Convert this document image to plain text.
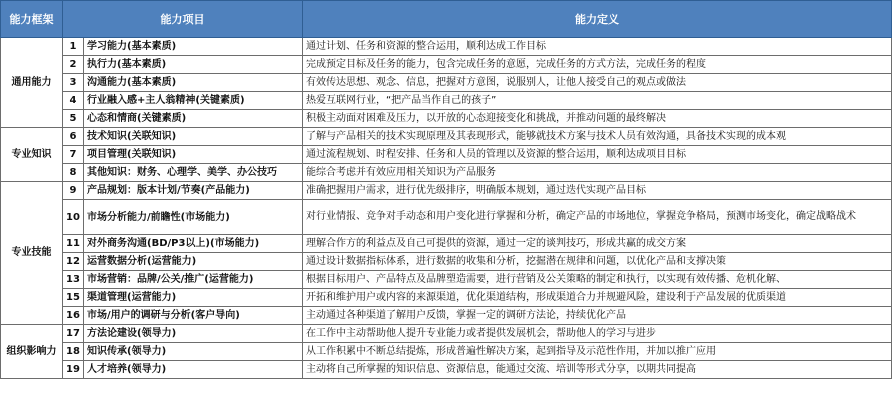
能力框架	能力项目		能力定义
通用能力	1	学习能力(基本素质)	通过计划、任务和资源的整合运用，顺利达成工作目标
	2	执行力(基本素质)	完成预定目标及任务的能力，包含完成任务的意愿，完成任务的方式方法，完成任务的程度
	3	沟通能力(基本素质)	有效传达思想、观念、信息，把握对方意图，说服别人，让他人接受自己的观点或做法
	4	行业融入感+主人翁精神(关键素质)	热爱互联网行业，“把产品当作自己的孩子”
	5	心态和情商(关键素质)	积极主动面对困难及压力，以开放的心态迎接变化和挑战，并推动问题的最终解决
专业知识	6	技术知识(关联知识)	了解与产品相关的技术实现原理及其表现形式，能够就技术方案与技术人员有效沟通，具备技术实现的成本观
	7	项目管理(关联知识)	通过流程规划、时程安排、任务和人员的管理以及资源的整合运用，顺利达成项目目标
	8	其他知识：财务、心理学、美学、办公技巧	能综合考虑并有效应用相关知识为产品服务
专业技能	9	产品规划：版本计划/节奏(产品能力)	准确把握用户需求，进行优先级排序，明确版本规划，通过迭代实现产品目标
	10	市场分析能力/前瞻性(市场能力)	对行业情报、竞争对手动态和用户变化进行掌握和分析，确定产品的市场地位，掌握竞争格局，预测市场变化，确定战略战术
	11	对外商务沟通(BD/P3以上)(市场能力)	理解合作方的利益点及自己可提供的资源，通过一定的谈判技巧，形成共赢的成交方案
	12	运营数据分析(运营能力)	通过设计数据指标体系，进行数据的收集和分析，挖掘潜在规律和问题，以优化产品和支撑决策
	13	市场营销：品牌/公关/推广(运营能力)	根据目标用户、产品特点及品牌塑造需要，进行营销及公关策略的制定和执行，以实现有效传播、危机化解、
	15	渠道管理(运营能力)	开拓和维护用户或内容的来源渠道，优化渠道结构，形成渠道合力并规避风险，建设利于产品发展的优质渠道
	16	市场/用户的调研与分析(客户导向)	主动通过各种渠道了解用户反馈，掌握一定的调研方法论，持续优化产品
组织影响力	17	方法论建设(领导力)	在工作中主动帮助他人提升专业能力或者提供发展机会，帮助他人的学习与进步
	18	知识传承(领导力)	从工作积累中不断总结提炼，形成普遍性解决方案，起到指导及示范性作用，并加以推广应用
	19	人才培养(领导力)	主动将自己所掌握的知识信息、资源信息，能通过交流、培训等形式分享，以期共同提高
